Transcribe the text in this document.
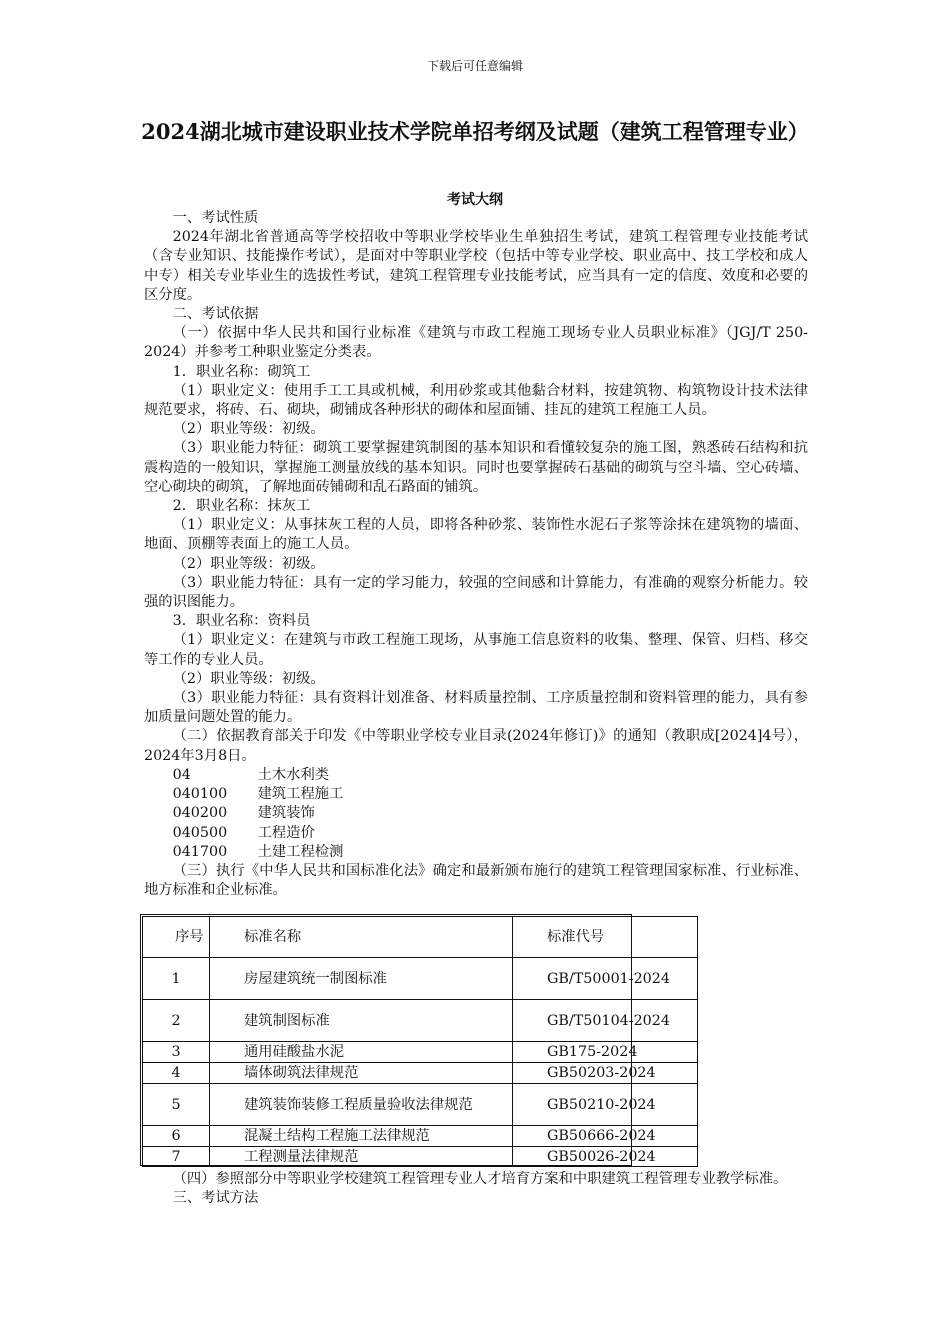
下载后可任意编辑
2024湖北城市建设职业技术学院单招考纲及试题（建筑工程管理专业）
考试大纲

一、考试性质

2024年湖北省普通高等学校招收中等职业学校毕业生单独招生考试，建筑工程管理专业技能考试（含专业知识、技能操作考试），是面对中等职业学校（包括中等专业学校、职业高中、技工学校和成人中专）相关专业毕业生的选拔性考试，建筑工程管理专业技能考试，应当具有一定的信度、效度和必要的区分度。

二、考试依据

（一）依据中华人民共和国行业标准《建筑与市政工程施工现场专业人员职业标准》（JGJ/T 250-2024）并参考工种职业鉴定分类表。

1．职业名称：砌筑工

（1）职业定义：使用手工工具或机械，利用砂浆或其他黏合材料，按建筑物、构筑物设计技术法律规范要求，将砖、石、砌块，砌铺成各种形状的砌体和屋面铺、挂瓦的建筑工程施工人员。

（2）职业等级：初级。

（3）职业能力特征：砌筑工要掌握建筑制图的基本知识和看懂较复杂的施工图，熟悉砖石结构和抗震构造的一般知识，掌握施工测量放线的基本知识。同时也要掌握砖石基础的砌筑与空斗墙、空心砖墙、空心砌块的砌筑，了解地面砖铺砌和乱石路面的铺筑。

2．职业名称：抹灰工

（1）职业定义：从事抹灰工程的人员，即将各种砂浆、装饰性水泥石子浆等涂抹在建筑物的墙面、地面、顶棚等表面上的施工人员。

（2）职业等级：初级。

（3）职业能力特征：具有一定的学习能力，较强的空间感和计算能力，有准确的观察分析能力。较强的识图能力。

3．职业名称：资料员

（1）职业定义：在建筑与市政工程施工现场，从事施工信息资料的收集、整理、保管、归档、移交等工作的专业人员。

（2）职业等级：初级。

（3）职业能力特征：具有资料计划准备、材料质量控制、工序质量控制和资料管理的能力，具有参加质量问题处置的能力。

（二）依据教育部关于印发《中等职业学校专业目录(2024年修订)》的通知（教职成[2024]4号），2024年3月8日。

04	土木水利类

040100 建筑工程施工

040200 建筑装饰

040500 工程造价

041700 土建工程检测

（三）执行《中华人民共和国标准化法》确定和最新颁布施行的建筑工程管理国家标准、行业标准、地方标准和企业标准。

序号	标准名称	标准代号
1	房屋建筑统一制图标准	GB/T50001-2024
2	建筑制图标准	GB/T50104-2024
3	通用硅酸盐水泥	GB175-2024
4	墙体砌筑法律规范	GB50203-2024
5	建筑装饰装修工程质量验收法律规范	GB50210-2024
6	混凝土结构工程施工法律规范	GB50666-2024
7	工程测量法律规范	GB50026-2024

（四）参照部分中等职业学校建筑工程管理专业人才培育方案和中职建筑工程管理专业教学标准。

三、考试方法
